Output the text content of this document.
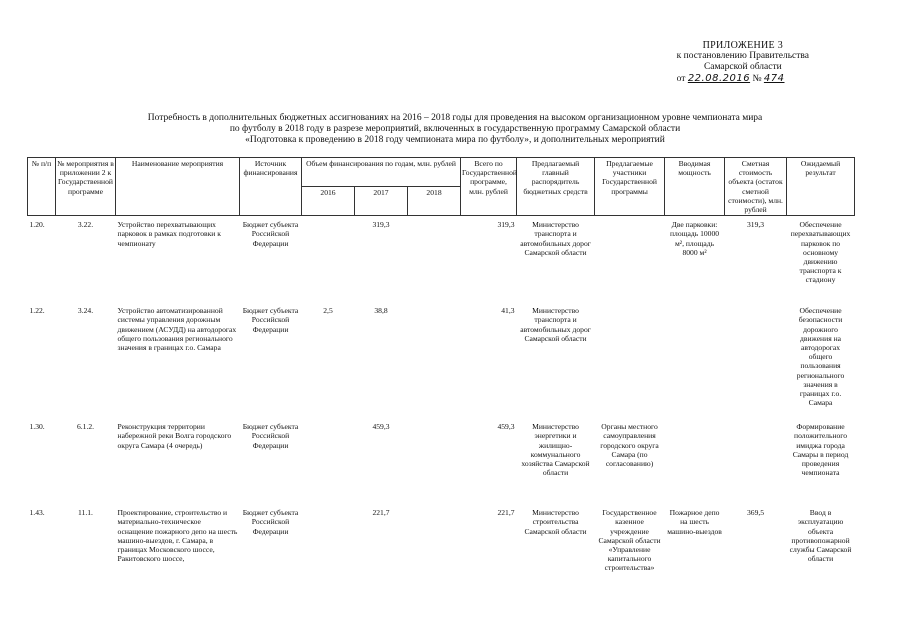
ПРИЛОЖЕНИЕ 3
к постановлению Правительства
Самарской области
от 22.08.2016 № 474
Потребность в дополнительных бюджетных ассигнованиях на 2016 – 2018 годы для проведения на высоком организационном уровне чемпионата мира
по футболу в 2018 году в разрезе мероприятий, включенных в государственную программу Самарской области
«Подготовка к проведению в 2018 году чемпионата мира по футболу», и дополнительных мероприятий
№ п/п	№ мероприятия в приложении 2 к Государственной программе	Наименование мероприятия	Источник финансирования	Объем финансирования по годам, млн. рублей			Всего по Государственной программе, млн. рублей	Предлагаемый главный распорядитель бюджетных средств	Предлагаемые участники Государственной программы	Вводимая мощность	Сметная стоимость объекта (остаток сметной стоимости), млн. рублей	Ожидаемый результат
				2016	2017	2018						

1.20.	3.22.	Устройство перехватывающих парковок в рамках подготовки к чемпионату	Бюджет субъекта Российской Федерации		319,3		319,3	Министерство транспорта и автомобильных дорог Самарской области		Две парковки: площадь 10000 м², площадь 8000 м²	319,3	Обеспечение перехватывающих парковок по основному движению транспорта к стадиону
1.22.	3.24.	Устройство автоматизированной системы управления дорожным движением (АСУДД) на автодорогах общего пользования регионального значения в границах г.о. Самара	Бюджет субъекта Российской Федерации	2,5	38,8		41,3	Министерство транспорта и автомобильных дорог Самарской области				Обеспечение безопасности дорожного движения на автодорогах общего пользования регионального значения в границах г.о. Самара
1.30.	6.1.2.	Реконструкция территории набережной реки Волга городского округа Самара (4 очередь)	Бюджет субъекта Российской Федерации		459,3		459,3	Министерство энергетики и жилищно-коммунального хозяйства Самарской области	Органы местного самоуправления городского округа Самара (по согласованию)			Формирование положительного имиджа города Самары в период проведения чемпионата
1.43.	11.1.	Проектирование, строительство и материально-техническое оснащение пожарного депо на шесть машино-выездов, г. Самара, в границах Московского шоссе, Ракитовского шоссе,	Бюджет субъекта Российской Федерации		221,7		221,7	Министерство строительства Самарской области	Государственное казенное учреждение Самарской области «Управление капитального строительства»	Пожарное депо на шесть машино-выездов	369,5	Ввод в эксплуатацию объекта противопожарной службы Самарской области
